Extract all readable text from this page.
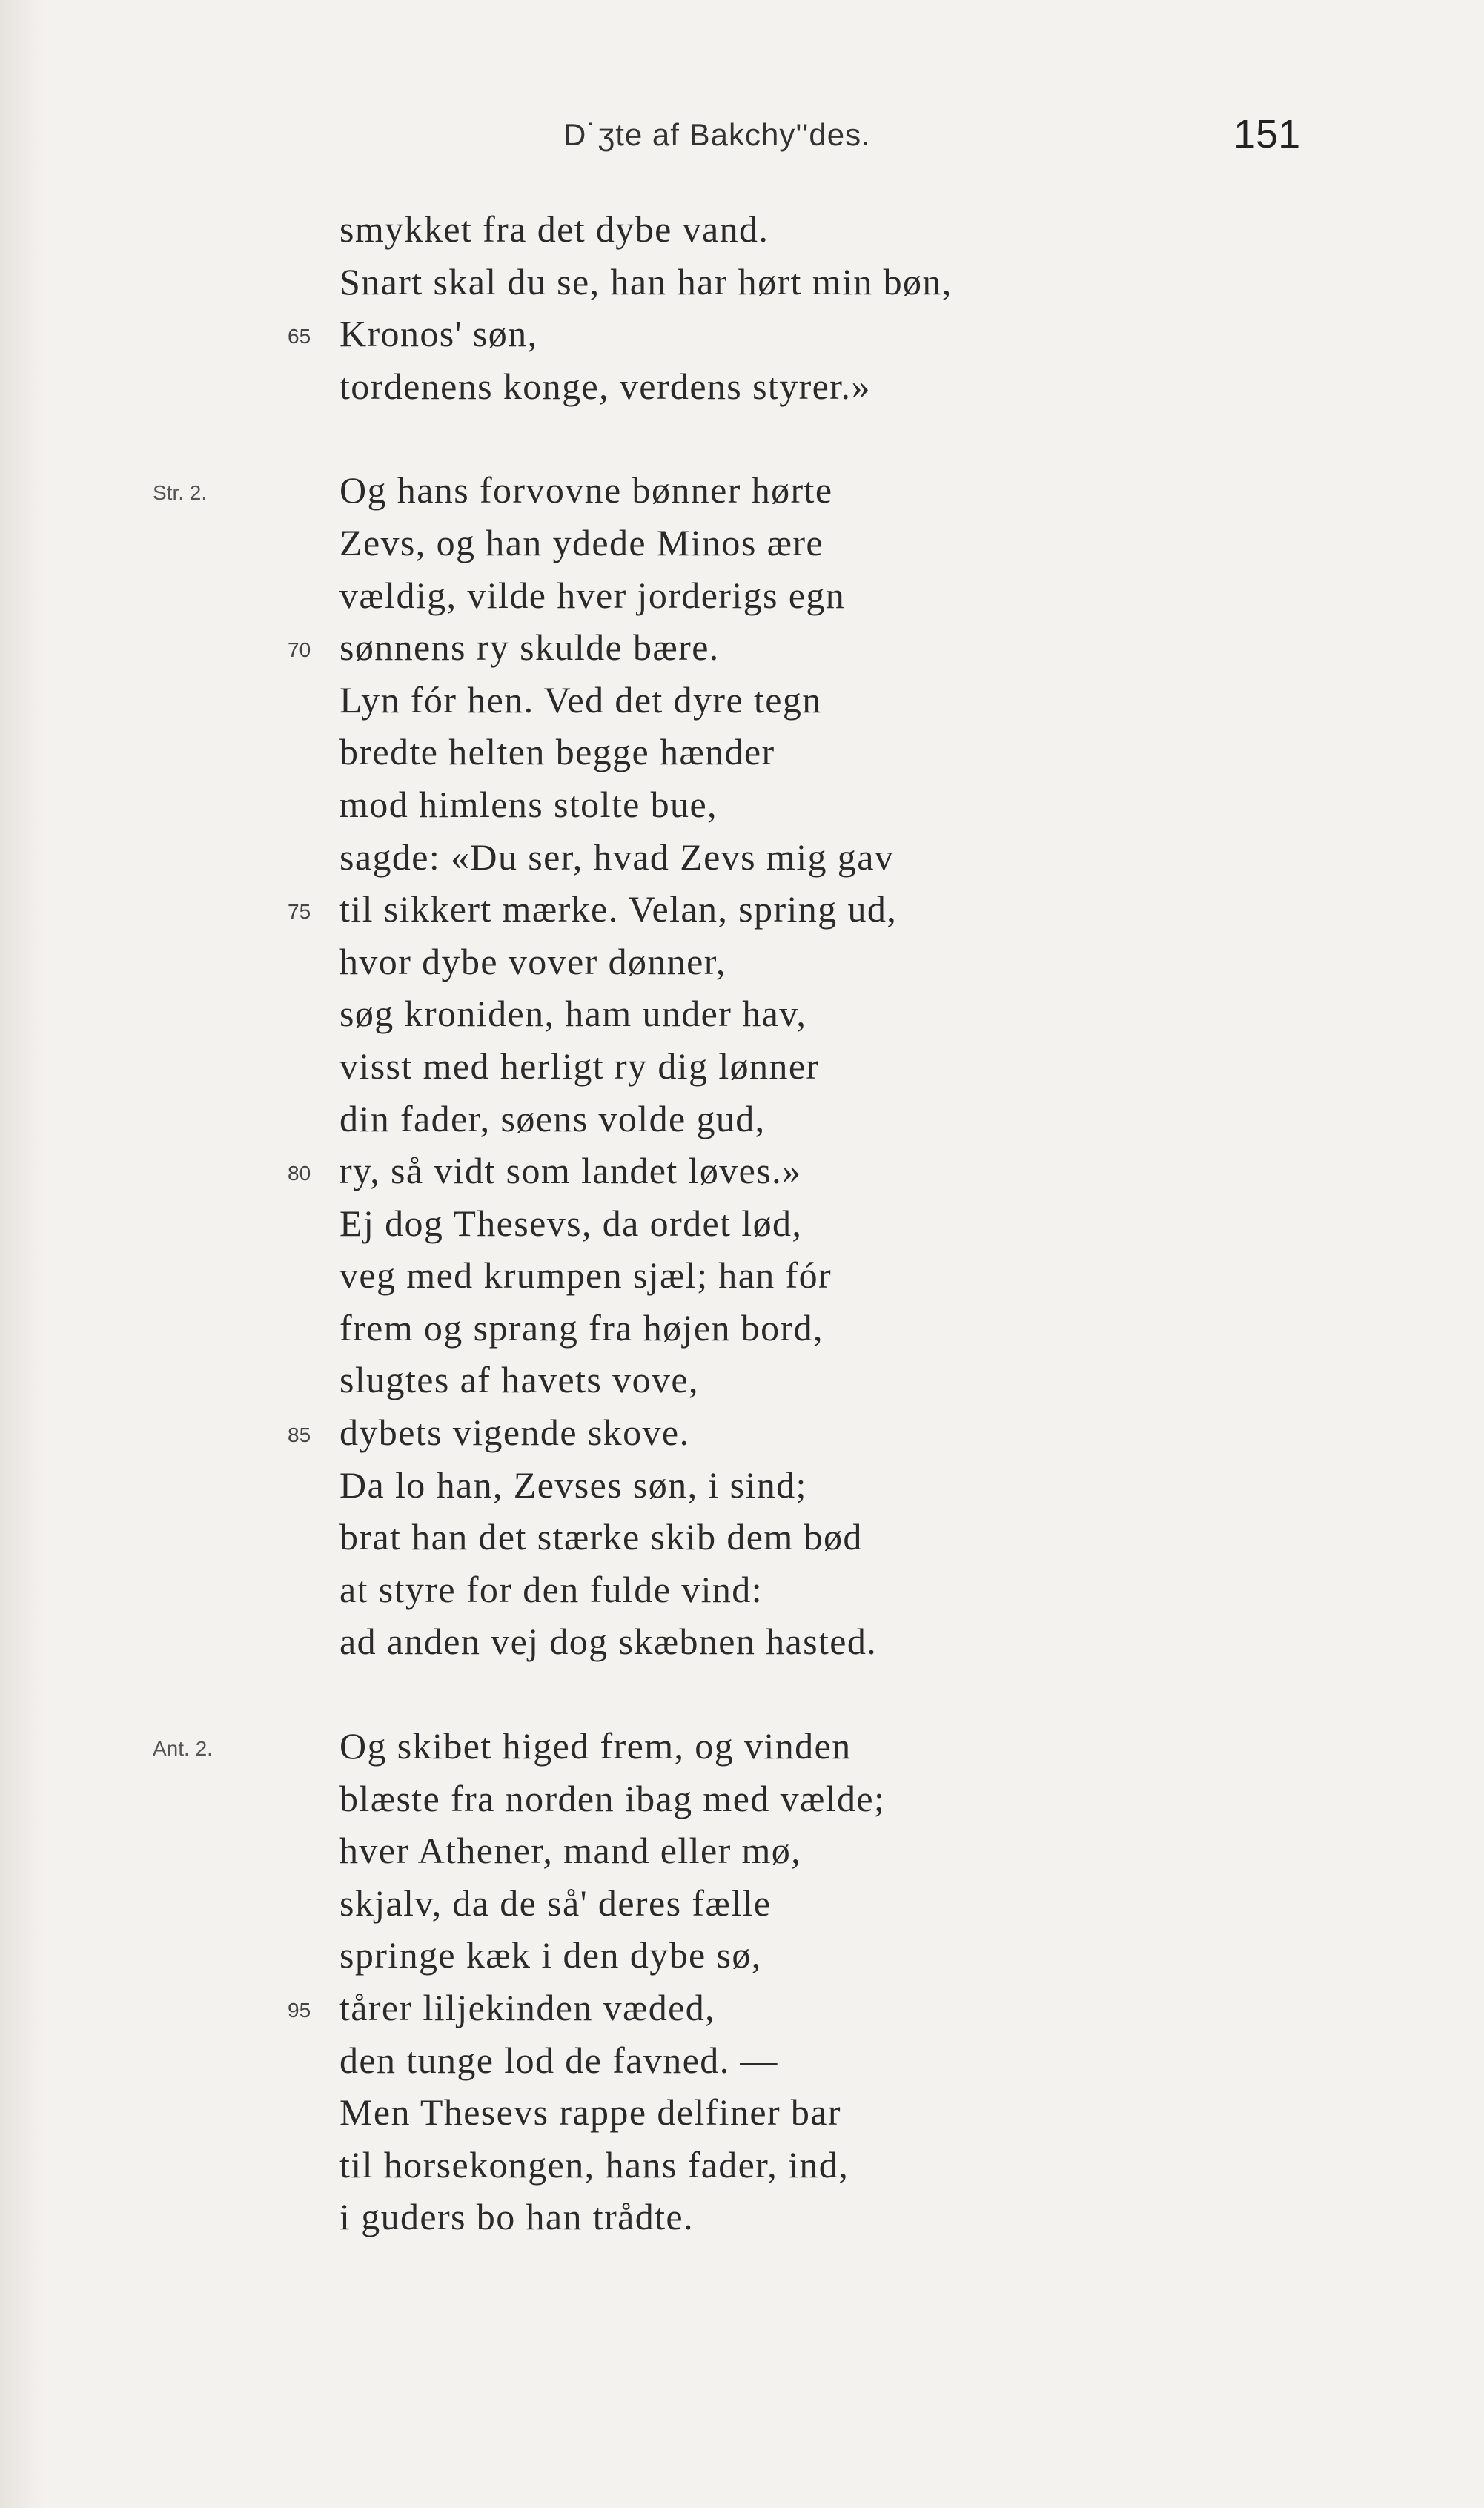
D˙ʒte af Bakchyʹʹdes.	151
smykket fra det dybe vand.
Snart skal du se, han har hørt min bøn,
65 Kronos' søn,
tordenens konge, verdens styrer.»
Str. 2.	Og hans forvovne bønner hørte
Zevs, og han ydede Minos ære
vældig, vilde hver jorderigs egn
70 sønnens ry skulde bære.
Lyn fór hen. Ved det dyre tegn
bredte helten begge hænder
mod himlens stolte bue,
sagde: «Du ser, hvad Zevs mig gav
75 til sikkert mærke. Velan, spring ud,
hvor dybe vover dønner,
søg kroniden, ham under hav,
visst med herligt ry dig lønner
din fader, søens volde gud,
80 ry, så vidt som landet løves.»
Ej dog Thesevs, da ordet lød,
veg med krumpen sjæl; han fór
frem og sprang fra højen bord,
slugtes af havets vove,
85 dybets vigende skove.
Da lo han, Zevses søn, i sind;
brat han det stærke skib dem bød
at styre for den fulde vind:
ad anden vej dog skæbnen hasted.
Ant. 2.	Og skibet higed frem, og vinden
blæste fra norden ibag med vælde;
hver Athener, mand eller mø,
skjalv, da de så' deres fælle
springe kæk i den dybe sø,
95 tårer liljekinden væded,
den tunge lod de favned. —
Men Thesevs rappe delfiner bar
til horsekongen, hans fader, ind,
i guders bo han trådte.
